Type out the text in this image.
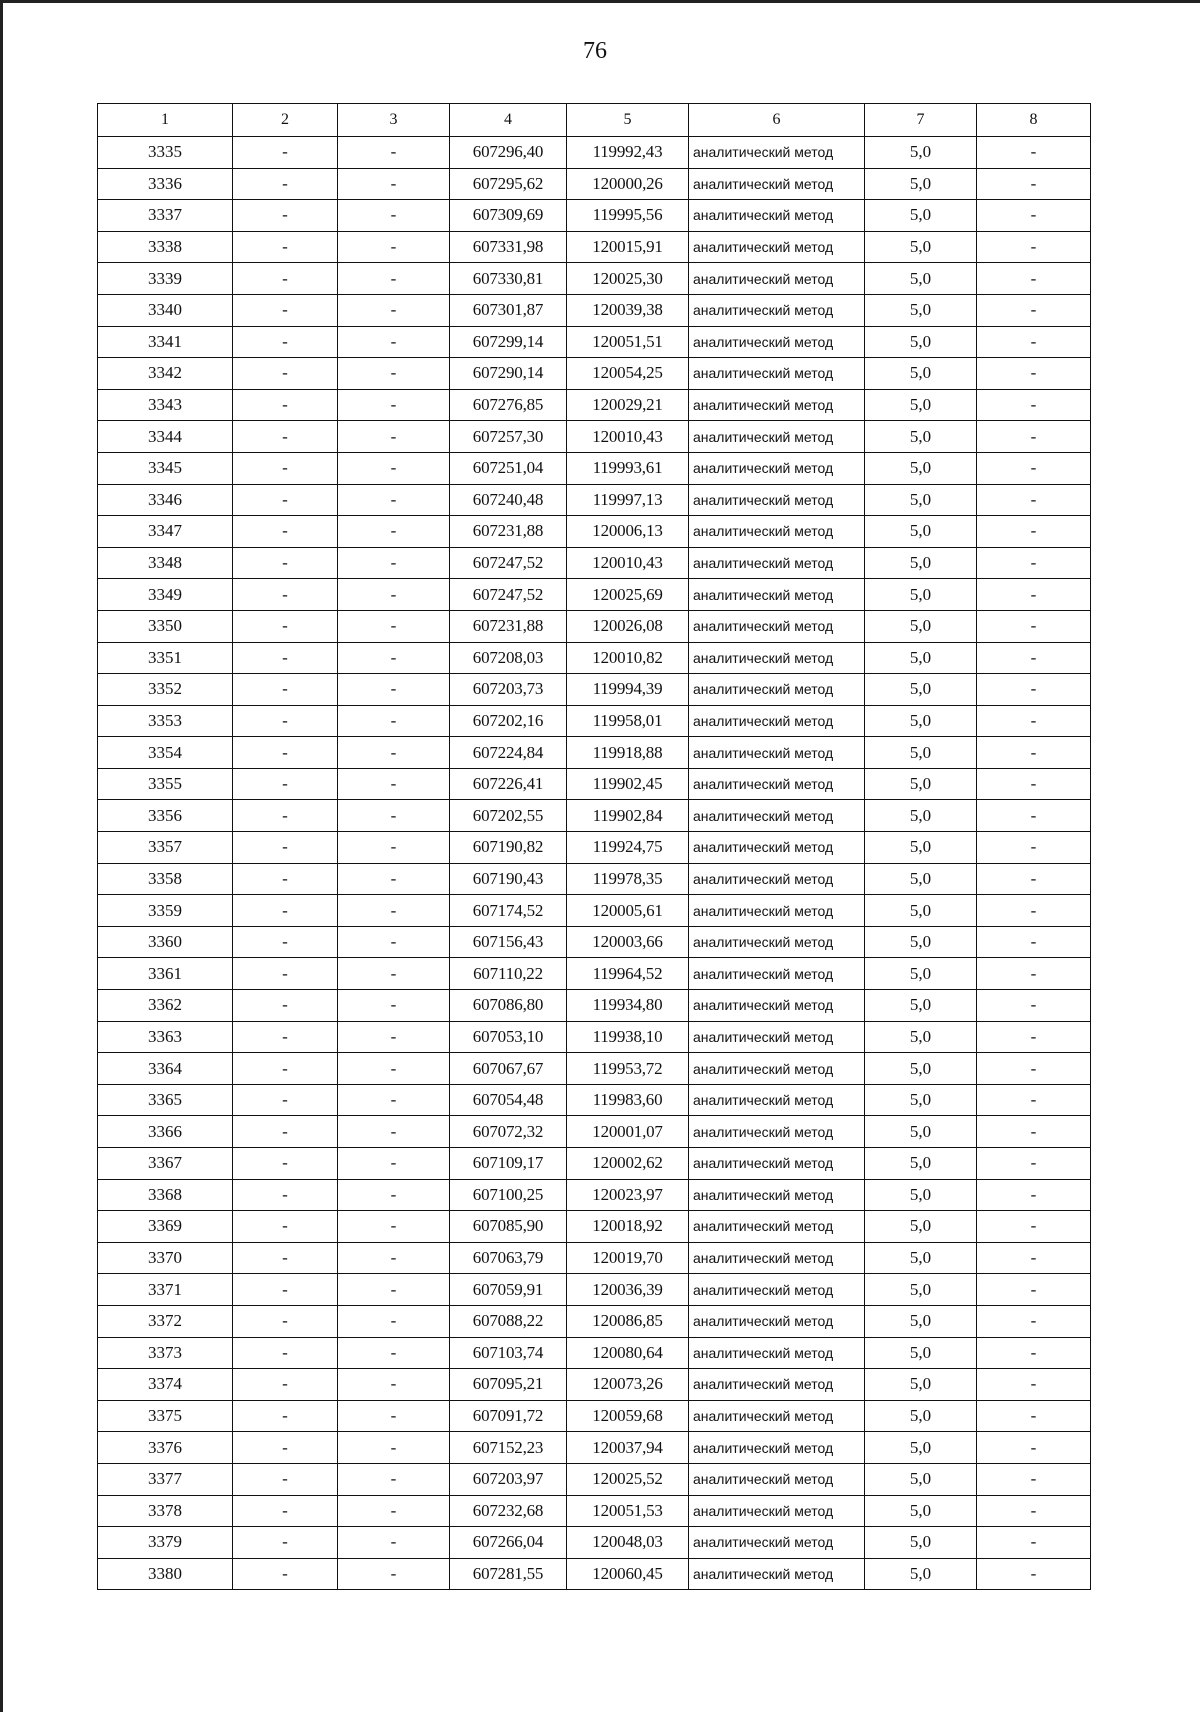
76
1	2	3	4	5	6	7	8
3335	-	-	607296,40	119992,43	аналитический метод	5,0	-
3336	-	-	607295,62	120000,26	аналитический метод	5,0	-
3337	-	-	607309,69	119995,56	аналитический метод	5,0	-
3338	-	-	607331,98	120015,91	аналитический метод	5,0	-
3339	-	-	607330,81	120025,30	аналитический метод	5,0	-
3340	-	-	607301,87	120039,38	аналитический метод	5,0	-
3341	-	-	607299,14	120051,51	аналитический метод	5,0	-
3342	-	-	607290,14	120054,25	аналитический метод	5,0	-
3343	-	-	607276,85	120029,21	аналитический метод	5,0	-
3344	-	-	607257,30	120010,43	аналитический метод	5,0	-
3345	-	-	607251,04	119993,61	аналитический метод	5,0	-
3346	-	-	607240,48	119997,13	аналитический метод	5,0	-
3347	-	-	607231,88	120006,13	аналитический метод	5,0	-
3348	-	-	607247,52	120010,43	аналитический метод	5,0	-
3349	-	-	607247,52	120025,69	аналитический метод	5,0	-
3350	-	-	607231,88	120026,08	аналитический метод	5,0	-
3351	-	-	607208,03	120010,82	аналитический метод	5,0	-
3352	-	-	607203,73	119994,39	аналитический метод	5,0	-
3353	-	-	607202,16	119958,01	аналитический метод	5,0	-
3354	-	-	607224,84	119918,88	аналитический метод	5,0	-
3355	-	-	607226,41	119902,45	аналитический метод	5,0	-
3356	-	-	607202,55	119902,84	аналитический метод	5,0	-
3357	-	-	607190,82	119924,75	аналитический метод	5,0	-
3358	-	-	607190,43	119978,35	аналитический метод	5,0	-
3359	-	-	607174,52	120005,61	аналитический метод	5,0	-
3360	-	-	607156,43	120003,66	аналитический метод	5,0	-
3361	-	-	607110,22	119964,52	аналитический метод	5,0	-
3362	-	-	607086,80	119934,80	аналитический метод	5,0	-
3363	-	-	607053,10	119938,10	аналитический метод	5,0	-
3364	-	-	607067,67	119953,72	аналитический метод	5,0	-
3365	-	-	607054,48	119983,60	аналитический метод	5,0	-
3366	-	-	607072,32	120001,07	аналитический метод	5,0	-
3367	-	-	607109,17	120002,62	аналитический метод	5,0	-
3368	-	-	607100,25	120023,97	аналитический метод	5,0	-
3369	-	-	607085,90	120018,92	аналитический метод	5,0	-
3370	-	-	607063,79	120019,70	аналитический метод	5,0	-
3371	-	-	607059,91	120036,39	аналитический метод	5,0	-
3372	-	-	607088,22	120086,85	аналитический метод	5,0	-
3373	-	-	607103,74	120080,64	аналитический метод	5,0	-
3374	-	-	607095,21	120073,26	аналитический метод	5,0	-
3375	-	-	607091,72	120059,68	аналитический метод	5,0	-
3376	-	-	607152,23	120037,94	аналитический метод	5,0	-
3377	-	-	607203,97	120025,52	аналитический метод	5,0	-
3378	-	-	607232,68	120051,53	аналитический метод	5,0	-
3379	-	-	607266,04	120048,03	аналитический метод	5,0	-
3380	-	-	607281,55	120060,45	аналитический метод	5,0	-
